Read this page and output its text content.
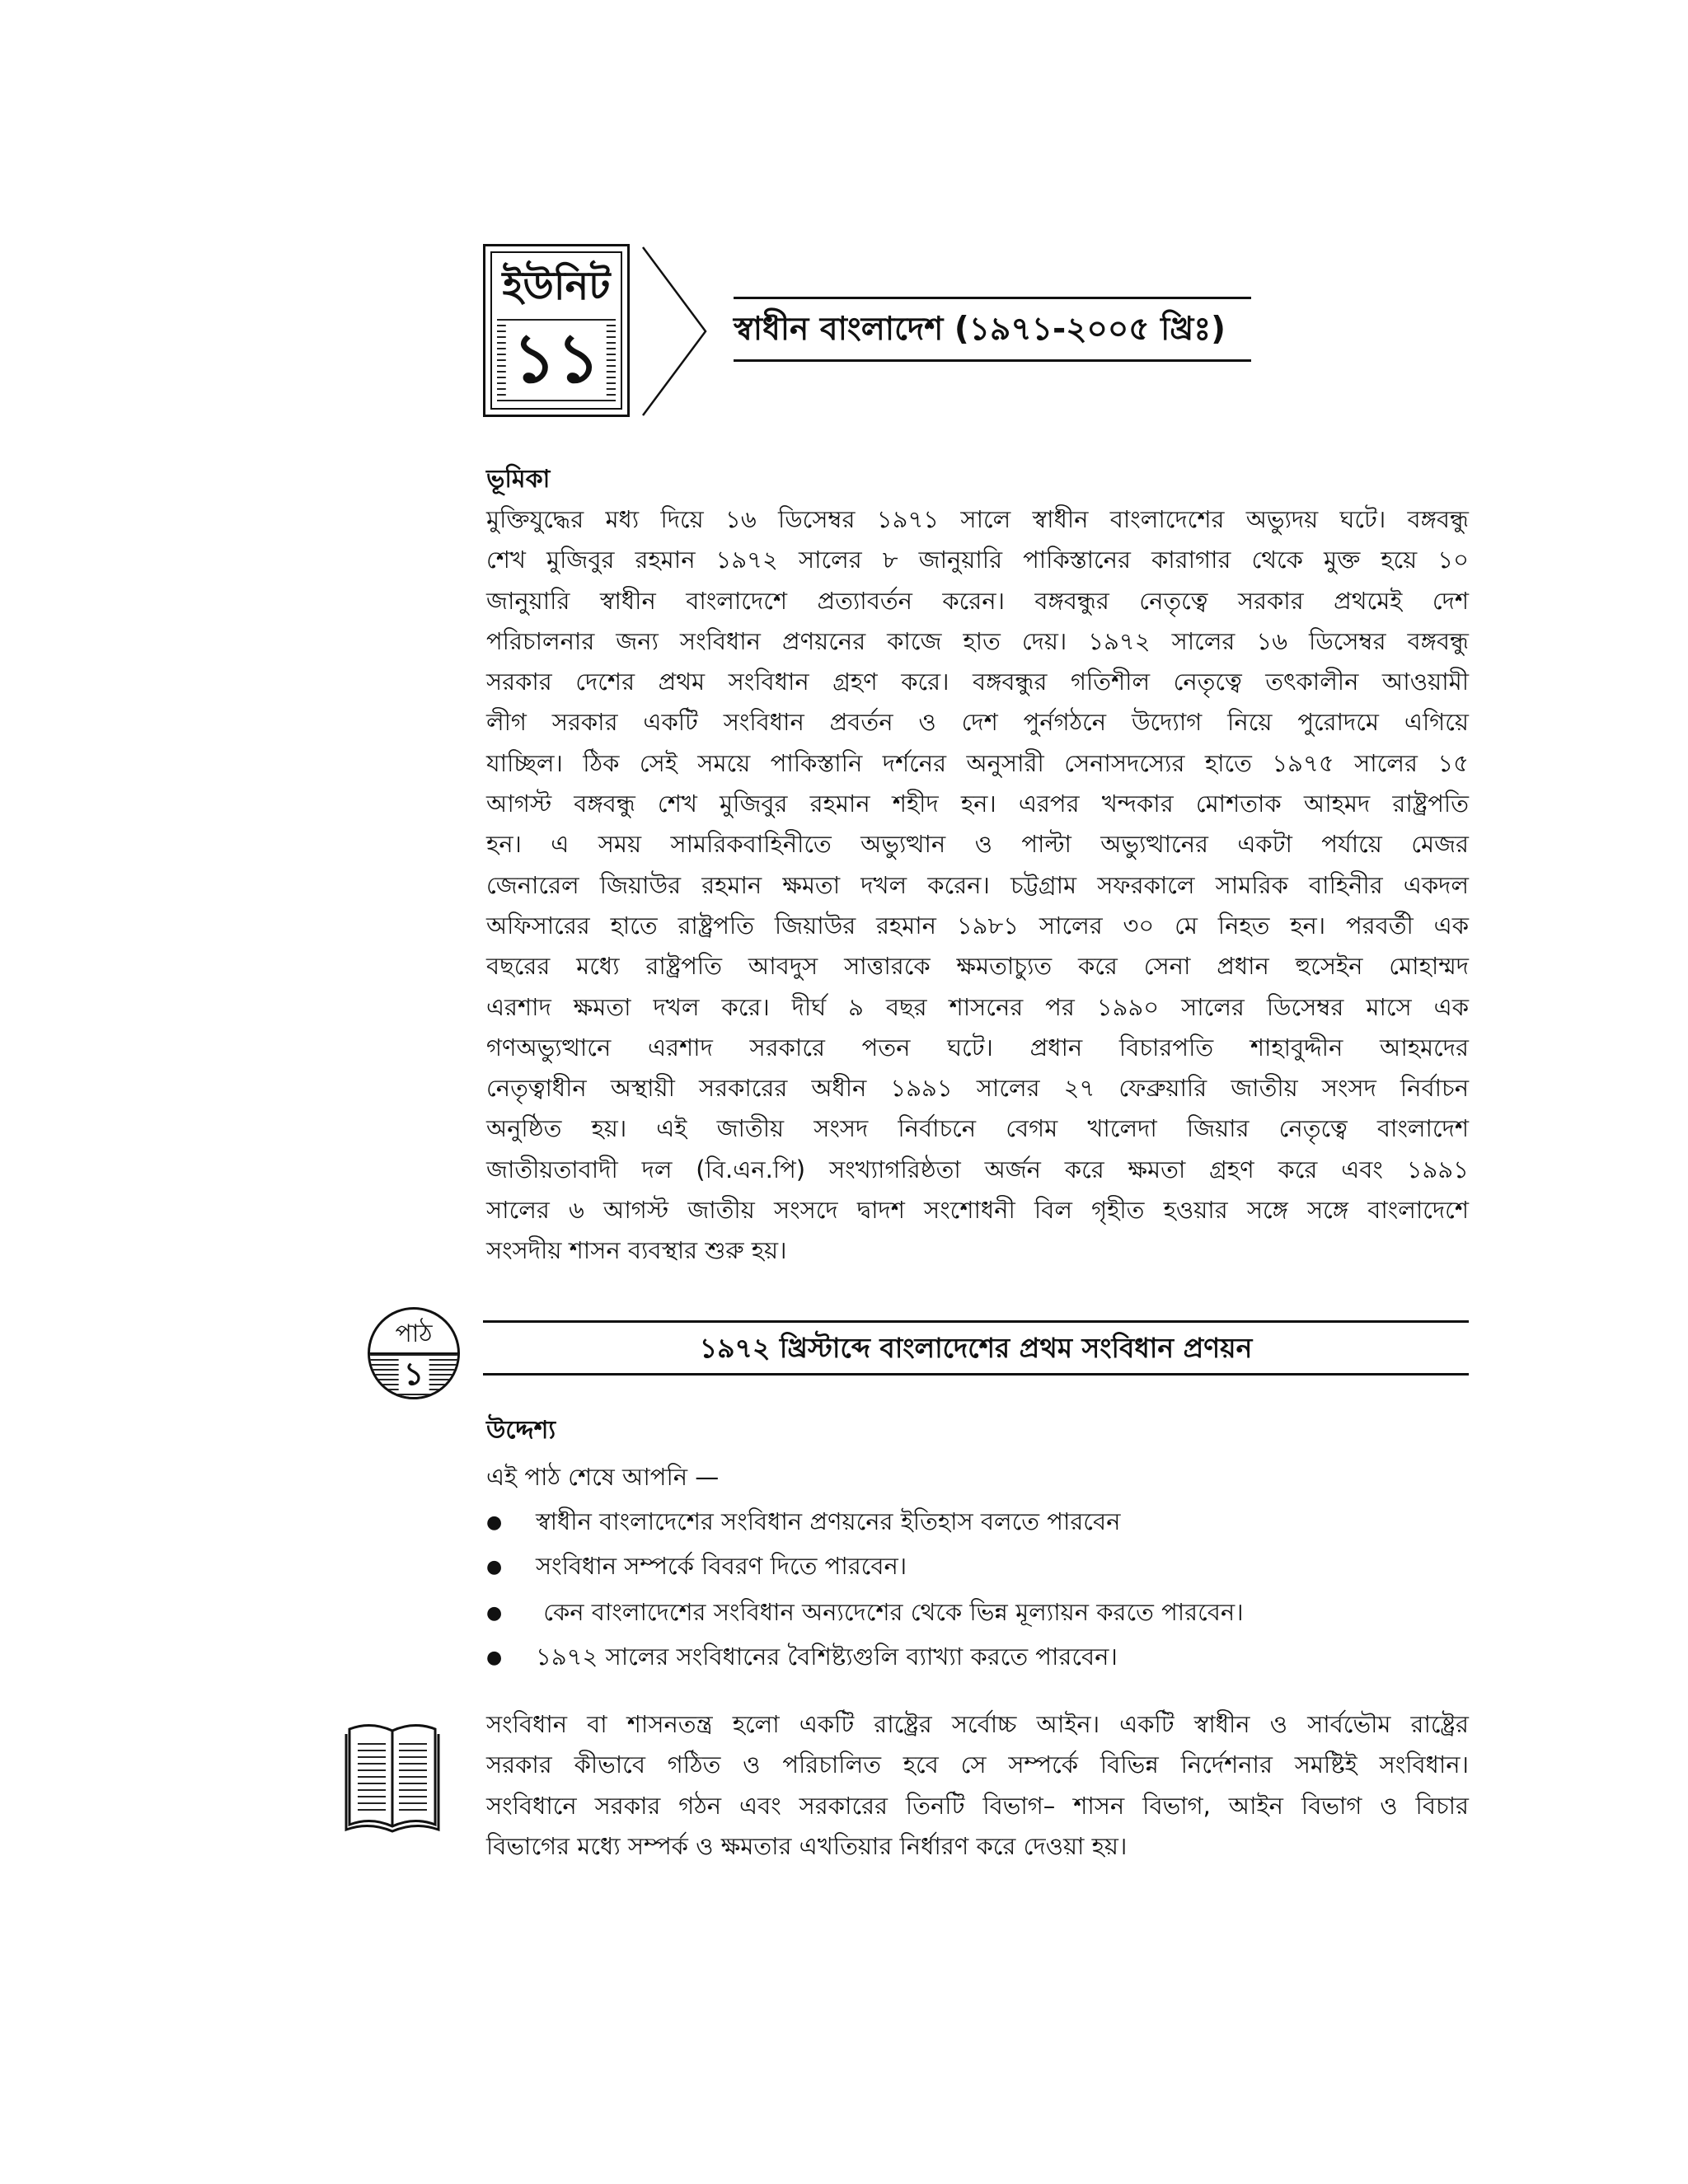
ইউনিট
১১	স্বাধীন বাংলাদেশ (১৯৭১-২০০৫ খ্রিঃ)
ভূমিকা

মুক্তিযুদ্ধের মধ্য দিয়ে ১৬ ডিসেম্বর ১৯৭১ সালে স্বাধীন বাংলাদেশের অভ্যুদয় ঘটে। বঙ্গবন্ধু

শেখ মুজিবুর রহমান ১৯৭২ সালের ৮ জানুয়ারি পাকিস্তানের কারাগার থেকে মুক্ত হয়ে ১০

জানুয়ারি স্বাধীন বাংলাদেশে প্রত্যাবর্তন করেন। বঙ্গবন্ধুর নেতৃত্বে সরকার প্রথমেই দেশ

পরিচালনার জন্য সংবিধান প্রণয়নের কাজে হাত দেয়। ১৯৭২ সালের ১৬ ডিসেম্বর বঙ্গবন্ধু

সরকার দেশের প্রথম সংবিধান গ্রহণ করে। বঙ্গবন্ধুর গতিশীল নেতৃত্বে তৎকালীন আওয়ামী

লীগ সরকার একটি সংবিধান প্রবর্তন ও দেশ পুর্নগঠনে উদ্যোগ নিয়ে পুরোদমে এগিয়ে

যাচ্ছিল। ঠিক সেই সময়ে পাকিস্তানি দর্শনের অনুসারী সেনাসদস্যের হাতে ১৯৭৫ সালের ১৫

আগস্ট বঙ্গবন্ধু শেখ মুজিবুর রহমান শহীদ হন। এরপর খন্দকার মোশতাক আহমদ রাষ্ট্রপতি

হন। এ সময় সামরিকবাহিনীতে অভ্যুত্থান ও পাল্টা অভ্যুত্থানের একটা পর্যায়ে মেজর

জেনারেল জিয়াউর রহমান ক্ষমতা দখল করেন। চট্টগ্রাম সফরকালে সামরিক বাহিনীর একদল

অফিসারের হাতে রাষ্ট্রপতি জিয়াউর রহমান ১৯৮১ সালের ৩০ মে নিহত হন। পরবর্তী এক

বছরের মধ্যে রাষ্ট্রপতি আবদুস সাত্তারকে ক্ষমতাচ্যুত করে সেনা প্রধান হুসেইন মোহাম্মদ

এরশাদ ক্ষমতা দখল করে। দীর্ঘ ৯ বছর শাসনের পর ১৯৯০ সালের ডিসেম্বর মাসে এক

গণঅভ্যুত্থানে এরশাদ সরকারে পতন ঘটে। প্রধান বিচারপতি শাহাবুদ্দীন আহমদের

নেতৃত্বাধীন অস্থায়ী সরকারের অধীন ১৯৯১ সালের ২৭ ফেব্রুয়ারি জাতীয় সংসদ নির্বাচন

অনুষ্ঠিত হয়। এই জাতীয় সংসদ নির্বাচনে বেগম খালেদা জিয়ার নেতৃত্বে বাংলাদেশ

জাতীয়তাবাদী দল (বি.এন.পি) সংখ্যাগরিষ্ঠতা অর্জন করে ক্ষমতা গ্রহণ করে এবং ১৯৯১

সালের ৬ আগস্ট জাতীয় সংসদে দ্বাদশ সংশোধনী বিল গৃহীত হওয়ার সঙ্গে সঙ্গে বাংলাদেশে

সংসদীয় শাসন ব্যবস্থার শুরু হয়।

পাঠ
১
১৯৭২ খ্রিস্টাব্দে বাংলাদেশের প্রথম সংবিধান প্রণয়ন
উদ্দেশ্য
এই পাঠ শেষে আপনি —
● স্বাধীন বাংলাদেশের সংবিধান প্রণয়নের ইতিহাস বলতে পারবেন
● সংবিধান সম্পর্কে বিবরণ দিতে পারবেন।
● কেন বাংলাদেশের সংবিধান অন্যদেশের থেকে ভিন্ন মূল্যায়ন করতে পারবেন।
● ১৯৭২ সালের সংবিধানের বৈশিষ্ট্যগুলি ব্যাখ্যা করতে পারবেন।

সংবিধান বা শাসনতন্ত্র হলো একটি রাষ্ট্রের সর্বোচ্চ আইন। একটি স্বাধীন ও সার্বভৌম রাষ্ট্রের

সরকার কীভাবে গঠিত ও পরিচালিত হবে সে সম্পর্কে বিভিন্ন নির্দেশনার সমষ্টিই সংবিধান।

সংবিধানে সরকার গঠন এবং সরকারের তিনটি বিভাগ– শাসন বিভাগ, আইন বিভাগ ও বিচার

বিভাগের মধ্যে সম্পর্ক ও ক্ষমতার এখতিয়ার নির্ধারণ করে দেওয়া হয়।
